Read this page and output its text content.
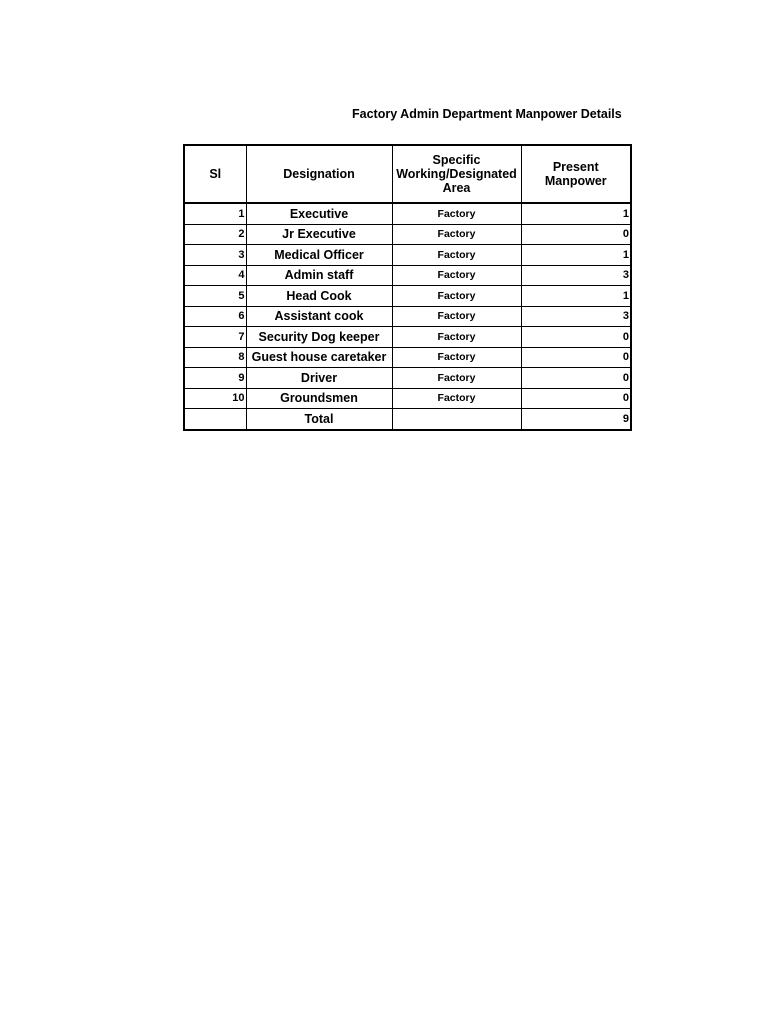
Factory Admin Department Manpower Details
Sl	Designation	Specific Working/Designated Area	Present Manpower
1	Executive	Factory	1
2	Jr Executive	Factory	0
3	Medical Officer	Factory	1
4	Admin staff	Factory	3
5	Head Cook	Factory	1
6	Assistant cook	Factory	3
7	Security Dog keeper	Factory	0
8	Guest house caretaker	Factory	0
9	Driver	Factory	0
10	Groundsmen	Factory	0
	Total		9
